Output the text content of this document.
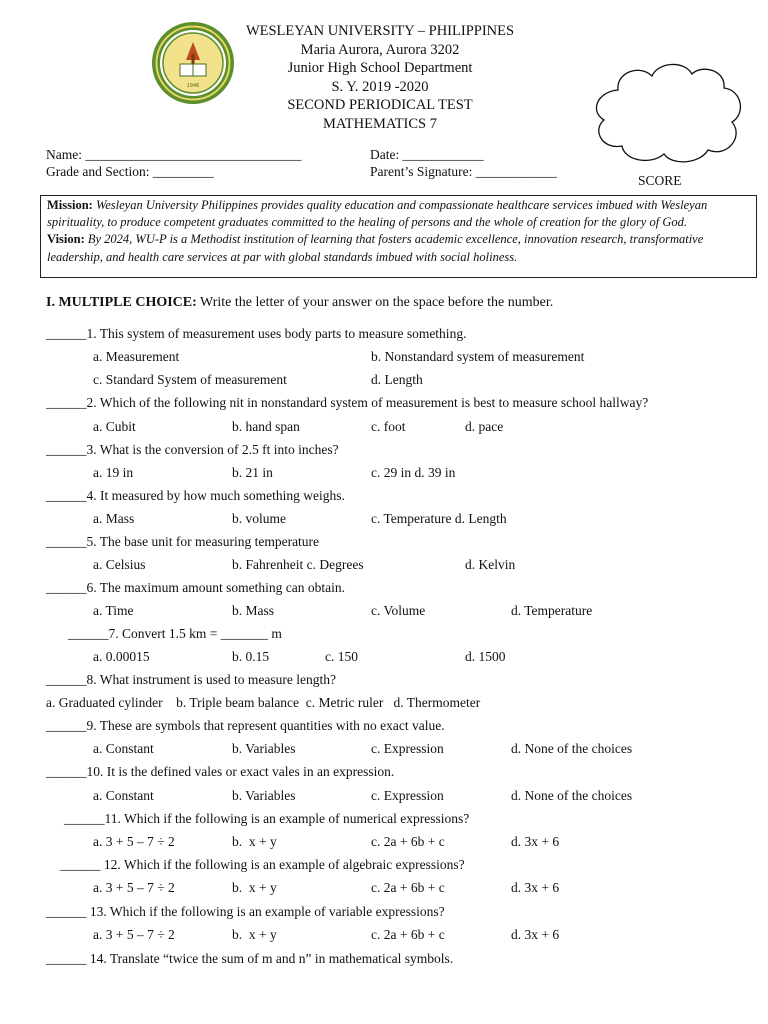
1946
WESLEYAN UNIVERSITY – PHILIPPINES
Maria Aurora, Aurora 3202
Junior High School Department
S. Y. 2019 -2020
SECOND PERIODICAL TEST
MATHEMATICS 7
Name: ________________________________	Date: ____________
Grade and Section: _________	Parent’s Signature: ____________
SCORE
Mission: Wesleyan University Philippines provides quality education and compassionate healthcare services imbued with Wesleyan spirituality, to produce competent graduates committed to the healing of persons and the whole of creation for the glory of God.
Vision: By 2024, WU-P is a Methodist institution of learning that fosters academic excellence, innovation research, transformative leadership, and health care services at par with global standards imbued with social holiness.
I. MULTIPLE CHOICE: Write the letter of your answer on the space before the number.
______1. This system of measurement uses body parts to measure something.
a. Measurement	b. Nonstandard system of measurement
c. Standard System of measurement	d. Length
______2. Which of the following nit in nonstandard system of measurement is best to measure school hallway?
a. Cubit	b. hand span	c. foot	d. pace
______3. What is the conversion of 2.5 ft into inches?
a. 19 in	b. 21 in	c. 29 in d. 39 in
______4. It measured by how much something weighs.
a. Mass	b. volume	c. Temperature d. Length
______5. The base unit for measuring temperature
a. Celsius	b. Fahrenheit c. Degrees	d. Kelvin
______6. The maximum amount something can obtain.
a. Time	b. Mass	c. Volume	d. Temperature
______7. Convert 1.5 km = _______ m
a. 0.00015	b. 0.15	c. 150	d. 1500
______8. What instrument is used to measure length?
a. Graduated cylinder    b. Triple beam balance  c. Metric ruler   d. Thermometer
______9. These are symbols that represent quantities with no exact value.
a. Constant	b. Variables	c. Expression	d. None of the choices
______10. It is the defined vales or exact vales in an expression.
a. Constant	b. Variables	c. Expression	d. None of the choices
______11. Which if the following is an example of numerical expressions?
a. 3 + 5 – 7 ÷ 2	b.  x + y	c. 2a + 6b + c	d. 3x + 6
______ 12. Which if the following is an example of algebraic expressions?
a. 3 + 5 – 7 ÷ 2	b.  x + y	c. 2a + 6b + c	d. 3x + 6
______ 13. Which if the following is an example of variable expressions?
a. 3 + 5 – 7 ÷ 2	b.  x + y	c. 2a + 6b + c	d. 3x + 6
______ 14. Translate “twice the sum of m and n” in mathematical symbols.
